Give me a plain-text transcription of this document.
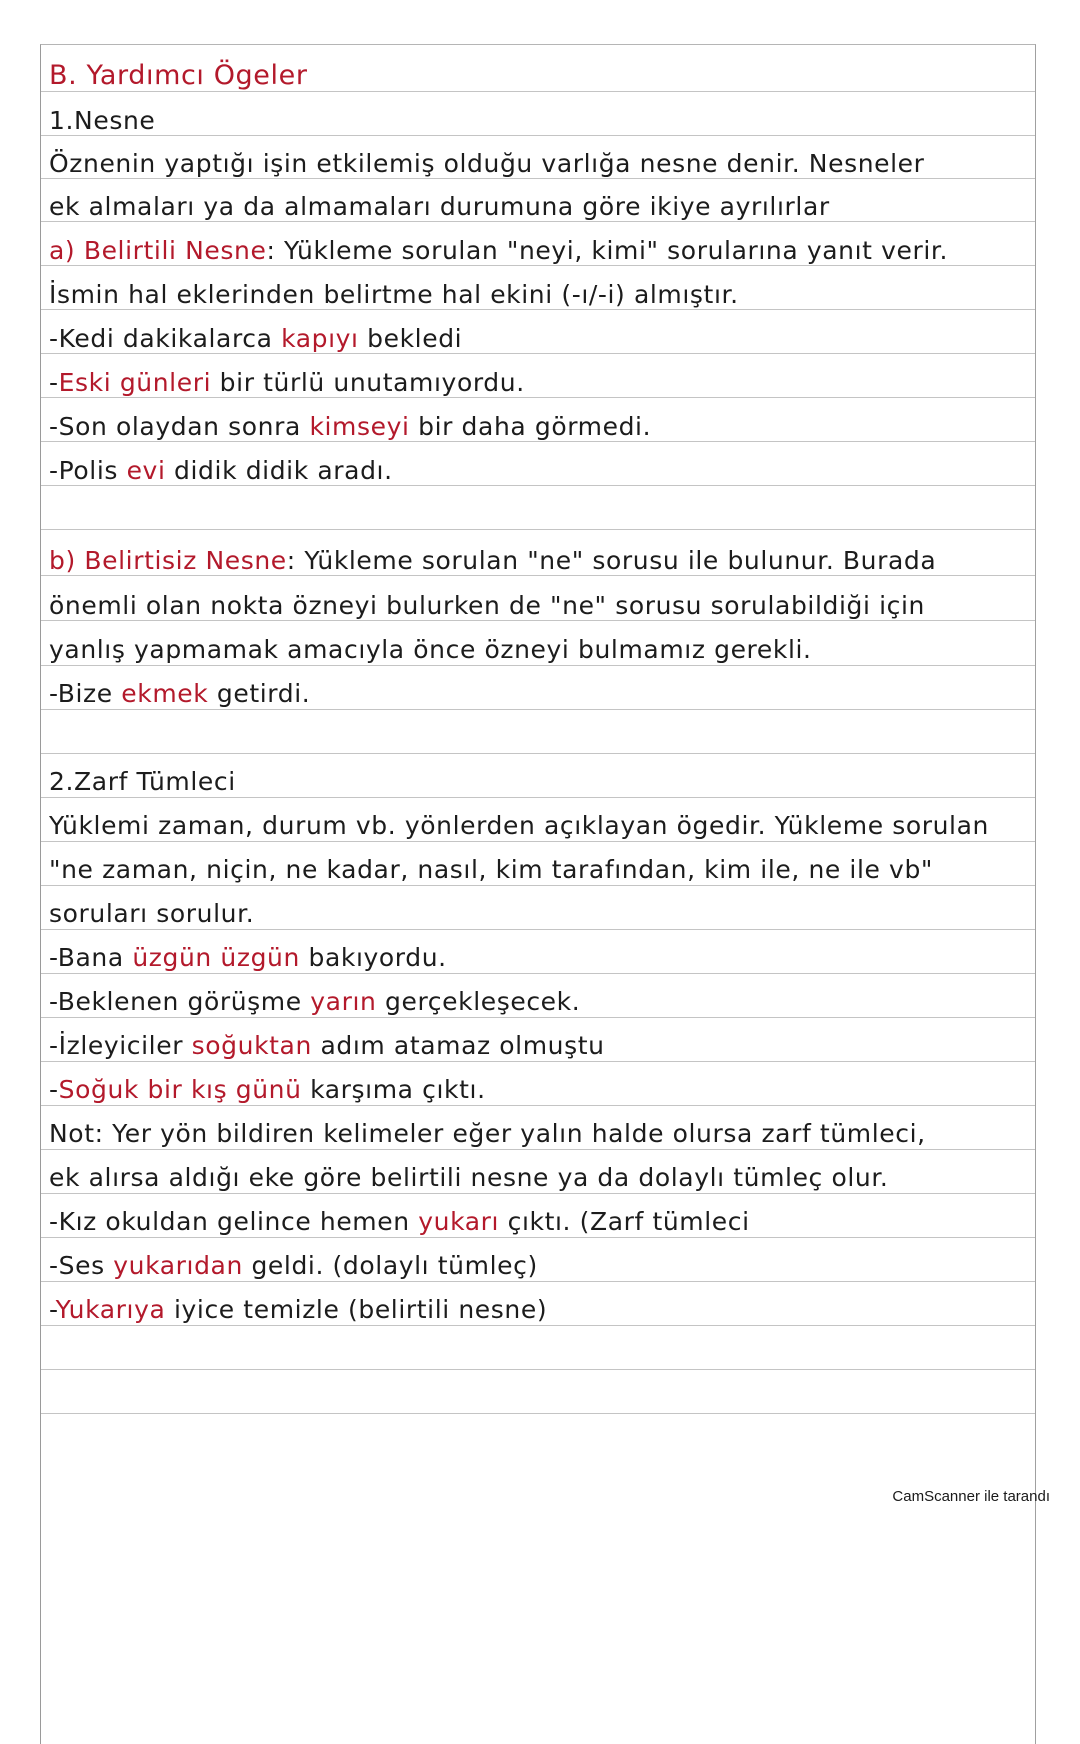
B. Yardımcı Ögeler
1.Nesne
Öznenin yaptığı işin etkilemiş olduğu varlığa nesne denir. Nesneler
ek almaları ya da almamaları durumuna göre ikiye ayrılırlar
a) Belirtili Nesne: Yükleme sorulan "neyi, kimi" sorularına yanıt verir.
İsmin hal eklerinden belirtme hal ekini (-ı/-i) almıştır.
-Kedi dakikalarca kapıyı bekledi
-Eski günleri bir türlü unutamıyordu.
-Son olaydan sonra kimseyi bir daha görmedi.
-Polis evi didik didik aradı.
b) Belirtisiz Nesne: Yükleme sorulan "ne" sorusu ile bulunur. Burada
önemli olan nokta özneyi bulurken de "ne" sorusu sorulabildiği için
yanlış yapmamak amacıyla önce özneyi bulmamız gerekli.
-Bize ekmek getirdi.
2.Zarf Tümleci
Yüklemi zaman, durum vb. yönlerden açıklayan ögedir. Yükleme sorulan
"ne zaman, niçin, ne kadar, nasıl, kim tarafından, kim ile, ne ile vb"
soruları sorulur.
-Bana üzgün üzgün bakıyordu.
-Beklenen görüşme yarın gerçekleşecek.
-İzleyiciler soğuktan adım atamaz olmuştu
-Soğuk bir kış günü karşıma çıktı.
Not: Yer yön bildiren kelimeler eğer yalın halde olursa zarf tümleci,
ek alırsa aldığı eke göre belirtili nesne ya da dolaylı tümleç olur.
-Kız okuldan gelince hemen yukarı çıktı. (Zarf tümleci
-Ses yukarıdan geldi. (dolaylı tümleç)
-Yukarıya iyice temizle (belirtili nesne)
CamScanner ile tarandı
